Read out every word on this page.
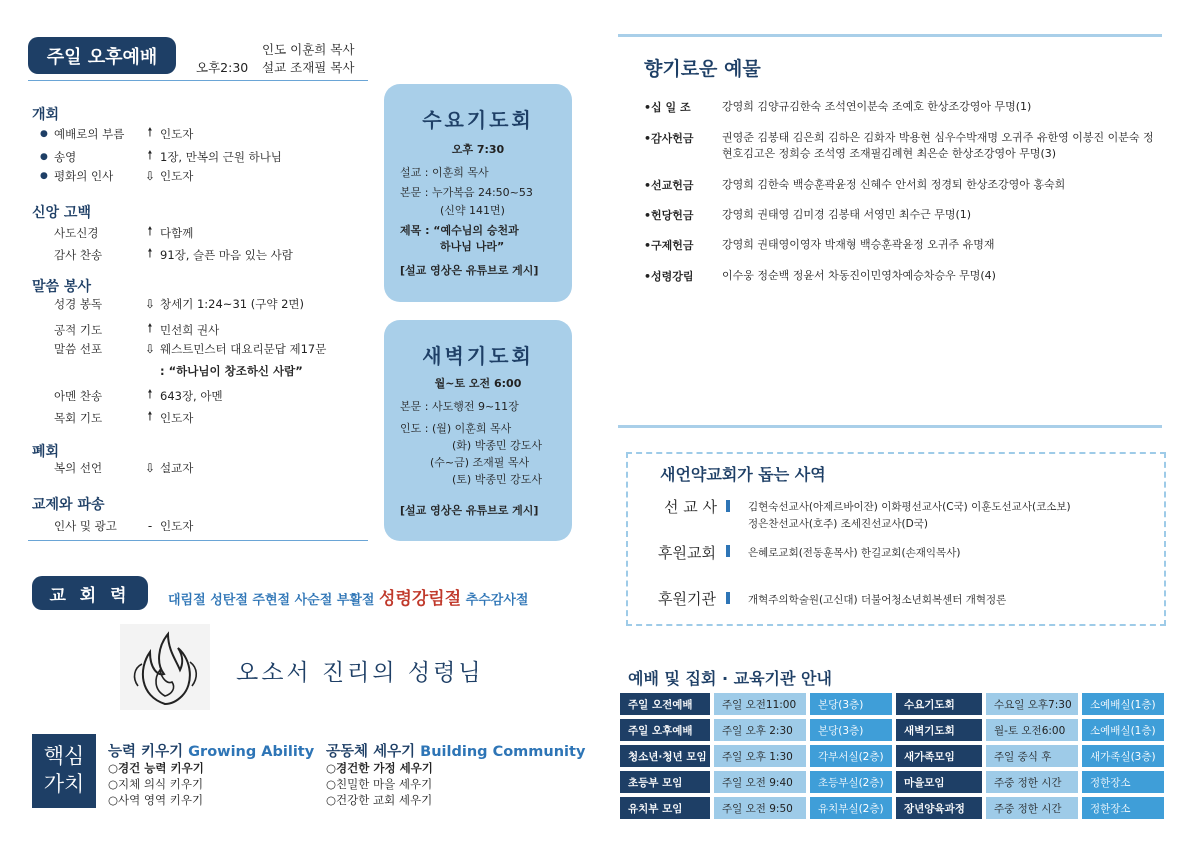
주일 오후예배	오후2:30
인도 이훈희 목사
설교 조재필 목사
개회
● 예배로의 부름	🠕 인도자
● 송영	🠕 1장, 만복의 근원 하나님
● 평화의 인사	⇩ 인도자
신앙 고백
사도신경	🠕 다함께
감사 찬송	🠕 91장, 슬픈 마음 있는 사람
말씀 봉사
성경 봉독	⇩ 창세기 1:24~31 (구약 2면)
공적 기도	🠕 민선희 권사
말씀 선포	⇩ 웨스트민스터 대요리문답 제17문
: “하나님이 창조하신 사람”
아멘 찬송	🠕 643장, 아멘
목회 기도	🠕 인도자
폐회
복의 선언	⇩ 설교자
교제와 파송
인사 및 광고	- 인도자
수요기도회
오후 7:30
설교 : 이훈희 목사
본문 : 누가복음 24:50~53
(신약 141면)
제목 : “예수님의 승천과
하나님 나라”
[설교 영상은 유튜브로 게시]
새벽기도회
월~토 오전 6:00
본문 : 사도행전 9~11장
인도 : (월) 이훈희 목사
(화) 박종민 강도사
(수~금) 조재필 목사
(토) 박종민 강도사
[설교 영상은 유튜브로 게시]
교 회 력	대림절 성탄절 주현절 사순절 부활절 성령강림절 추수감사절
오소서 진리의 성령님
핵심
가치
능력 키우기 Growing Ability
○경건 능력 키우기
○지체 의식 키우기
○사역 영역 키우기
공동체 세우기 Building Community
○경건한 가정 세우기
○친밀한 마을 세우기
○건강한 교회 세우기
향기로운 예물
•십 일 조	강영희 김양규김한숙 조석연이분숙 조예호 한상조강영아 무명(1)
•감사헌금	권영준 김봉태 김은희 김하은 김화자 박용현 심우수박재명 오귀주 유한영 이봉진 이분숙 정현호김고은 정희승 조석영 조재필김례현 최은순 한상조강영아 무명(3)
•선교헌금	강영희 김한숙 백승훈곽윤정 신혜수 안서희 정경퇴 한상조강영아 홍숙희
•헌당헌금	강영희 권태영 김미경 김봉태 서영민 최수근 무명(1)
•구제헌금	강영희 권태영이영자 박재형 백승훈곽윤정 오귀주 유명재
•성령강림	이수웅 정순백 정윤서 차동진이민영차예승차승우 무명(4)
새언약교회가 돕는 사역
선 교 사	김현숙선교사(아제르바이잔) 이화평선교사(C국) 이훈도선교사(코소보)
정은찬선교사(호주) 조세진선교사(D국)
후원교회	은혜로교회(전동훈목사) 한길교회(손재익목사)
후원기관	개혁주의학술원(고신대) 더불어청소년회복센터 개혁정론
예배 및 집회 · 교육기관 안내
주일 오전예배	주일 오전11:00	본당(3층)	수요기도회	수요일 오후7:30	소예배실(1층)
주일 오후예배	주일 오후 2:30	본당(3층)	새벽기도회	월-토 오전6:00	소예배실(1층)
청소년·청년 모임	주일 오후 1:30	각부서실(2층)	새가족모임	주일 중식 후	새가족실(3층)
초등부 모임	주일 오전 9:40	초등부실(2층)	마을모임	주중 정한 시간	정한장소
유치부 모임	주일 오전 9:50	유치부실(2층)	장년양육과정	주중 정한 시간	정한장소
